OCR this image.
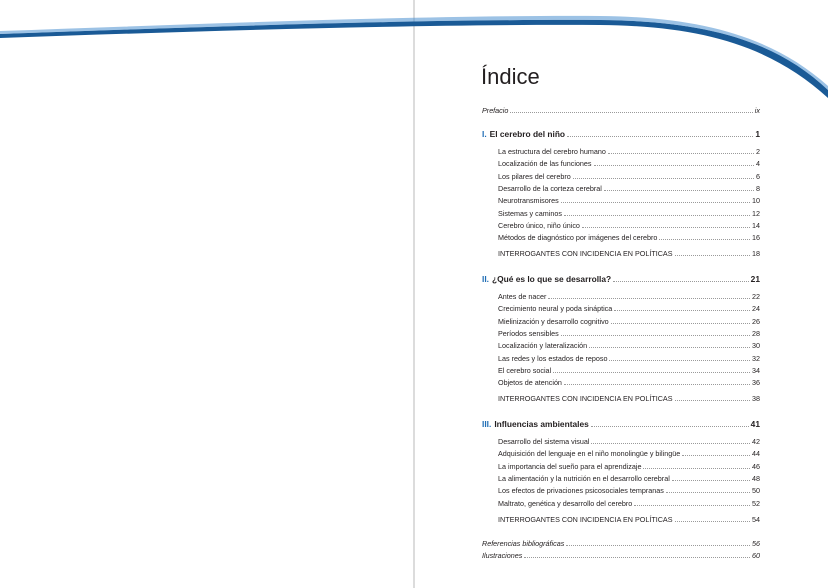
Índice
Prefacio	ix
I. El cerebro del niño	1
La estructura del cerebro humano	2
Localización de las funciones	4
Los pilares del cerebro	6
Desarrollo de la corteza cerebral	8
Neurotransmisores	10
Sistemas y caminos	12
Cerebro único, niño único	14
Métodos de diagnóstico por imágenes del cerebro	16
INTERROGANTES CON INCIDENCIA EN POLÍTICAS	18
II. ¿Qué es lo que se desarrolla?	21
Antes de nacer	22
Crecimiento neural y poda sináptica	24
Mielinización y desarrollo cognitivo	26
Períodos sensibles	28
Localización y lateralización	30
Las redes y los estados de reposo	32
El cerebro social	34
Objetos de atención	36
INTERROGANTES CON INCIDENCIA EN POLÍTICAS	38
III. Influencias ambientales	41
Desarrollo del sistema visual	42
Adquisición del lenguaje en el niño monolingüe y bilingüe	44
La importancia del sueño para el aprendizaje	46
La alimentación y la nutrición en el desarrollo cerebral	48
Los efectos de privaciones psicosociales tempranas	50
Maltrato, genética y desarrollo del cerebro	52
INTERROGANTES CON INCIDENCIA EN POLÍTICAS	54
Referencias bibliográficas	56
Ilustraciones	60
